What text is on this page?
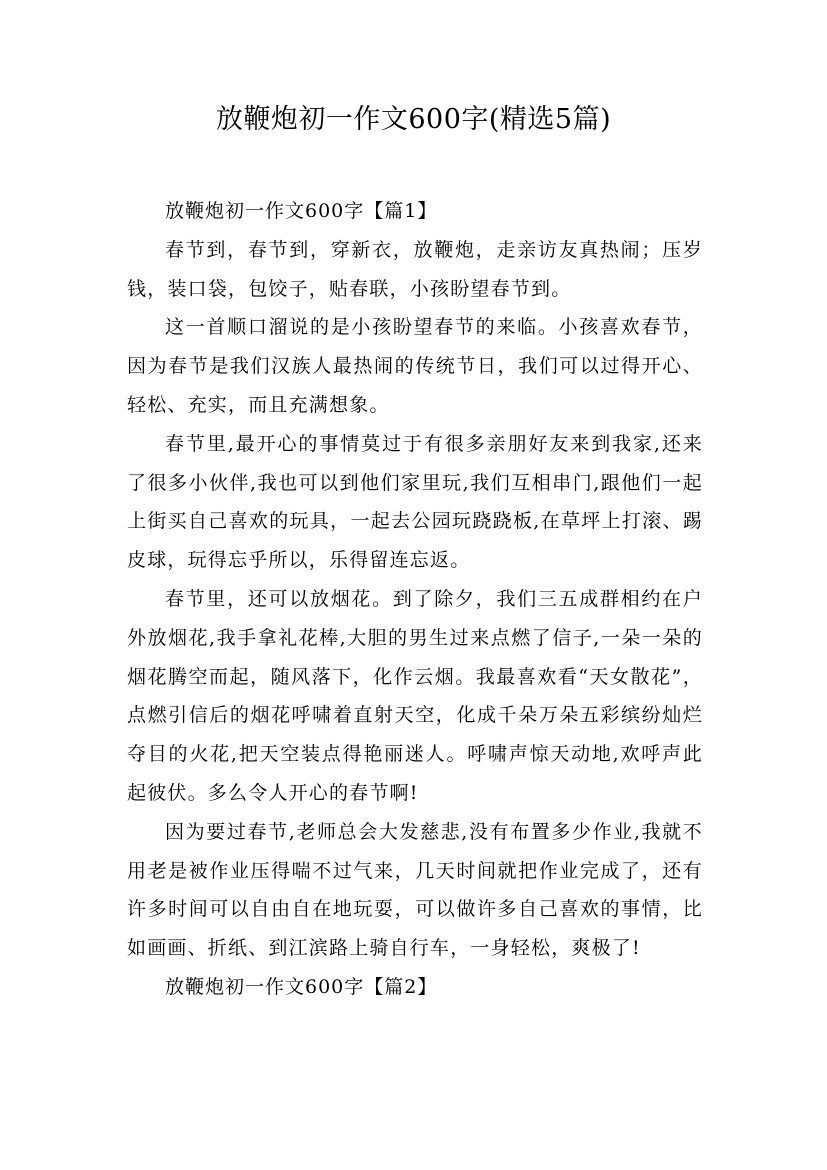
放鞭炮初一作文600字(精选5篇)
放鞭炮初一作文600字【篇1】

春节到，春节到，穿新衣，放鞭炮，走亲访友真热闹；压岁钱，装口袋，包饺子，贴春联，小孩盼望春节到。

这一首顺口溜说的是小孩盼望春节的来临。小孩喜欢春节，因为春节是我们汉族人最热闹的传统节日，我们可以过得开心、轻松、充实，而且充满想象。

春节里,最开心的事情莫过于有很多亲朋好友来到我家,还来了很多小伙伴,我也可以到他们家里玩,我们互相串门,跟他们一起上街买自己喜欢的玩具，一起去公园玩跷跷板,在草坪上打滚、踢皮球，玩得忘乎所以，乐得留连忘返。

春节里，还可以放烟花。到了除夕，我们三五成群相约在户外放烟花,我手拿礼花棒,大胆的男生过来点燃了信子,一朵一朵的烟花腾空而起，随风落下，化作云烟。我最喜欢看“天女散花”，点燃引信后的烟花呼啸着直射天空，化成千朵万朵五彩缤纷灿烂夺目的火花,把天空装点得艳丽迷人。呼啸声惊天动地,欢呼声此起彼伏。多么令人开心的春节啊!

因为要过春节,老师总会大发慈悲,没有布置多少作业,我就不用老是被作业压得喘不过气来，几天时间就把作业完成了，还有许多时间可以自由自在地玩耍，可以做许多自己喜欢的事情，比如画画、折纸、到江滨路上骑自行车，一身轻松，爽极了!

放鞭炮初一作文600字【篇2】
